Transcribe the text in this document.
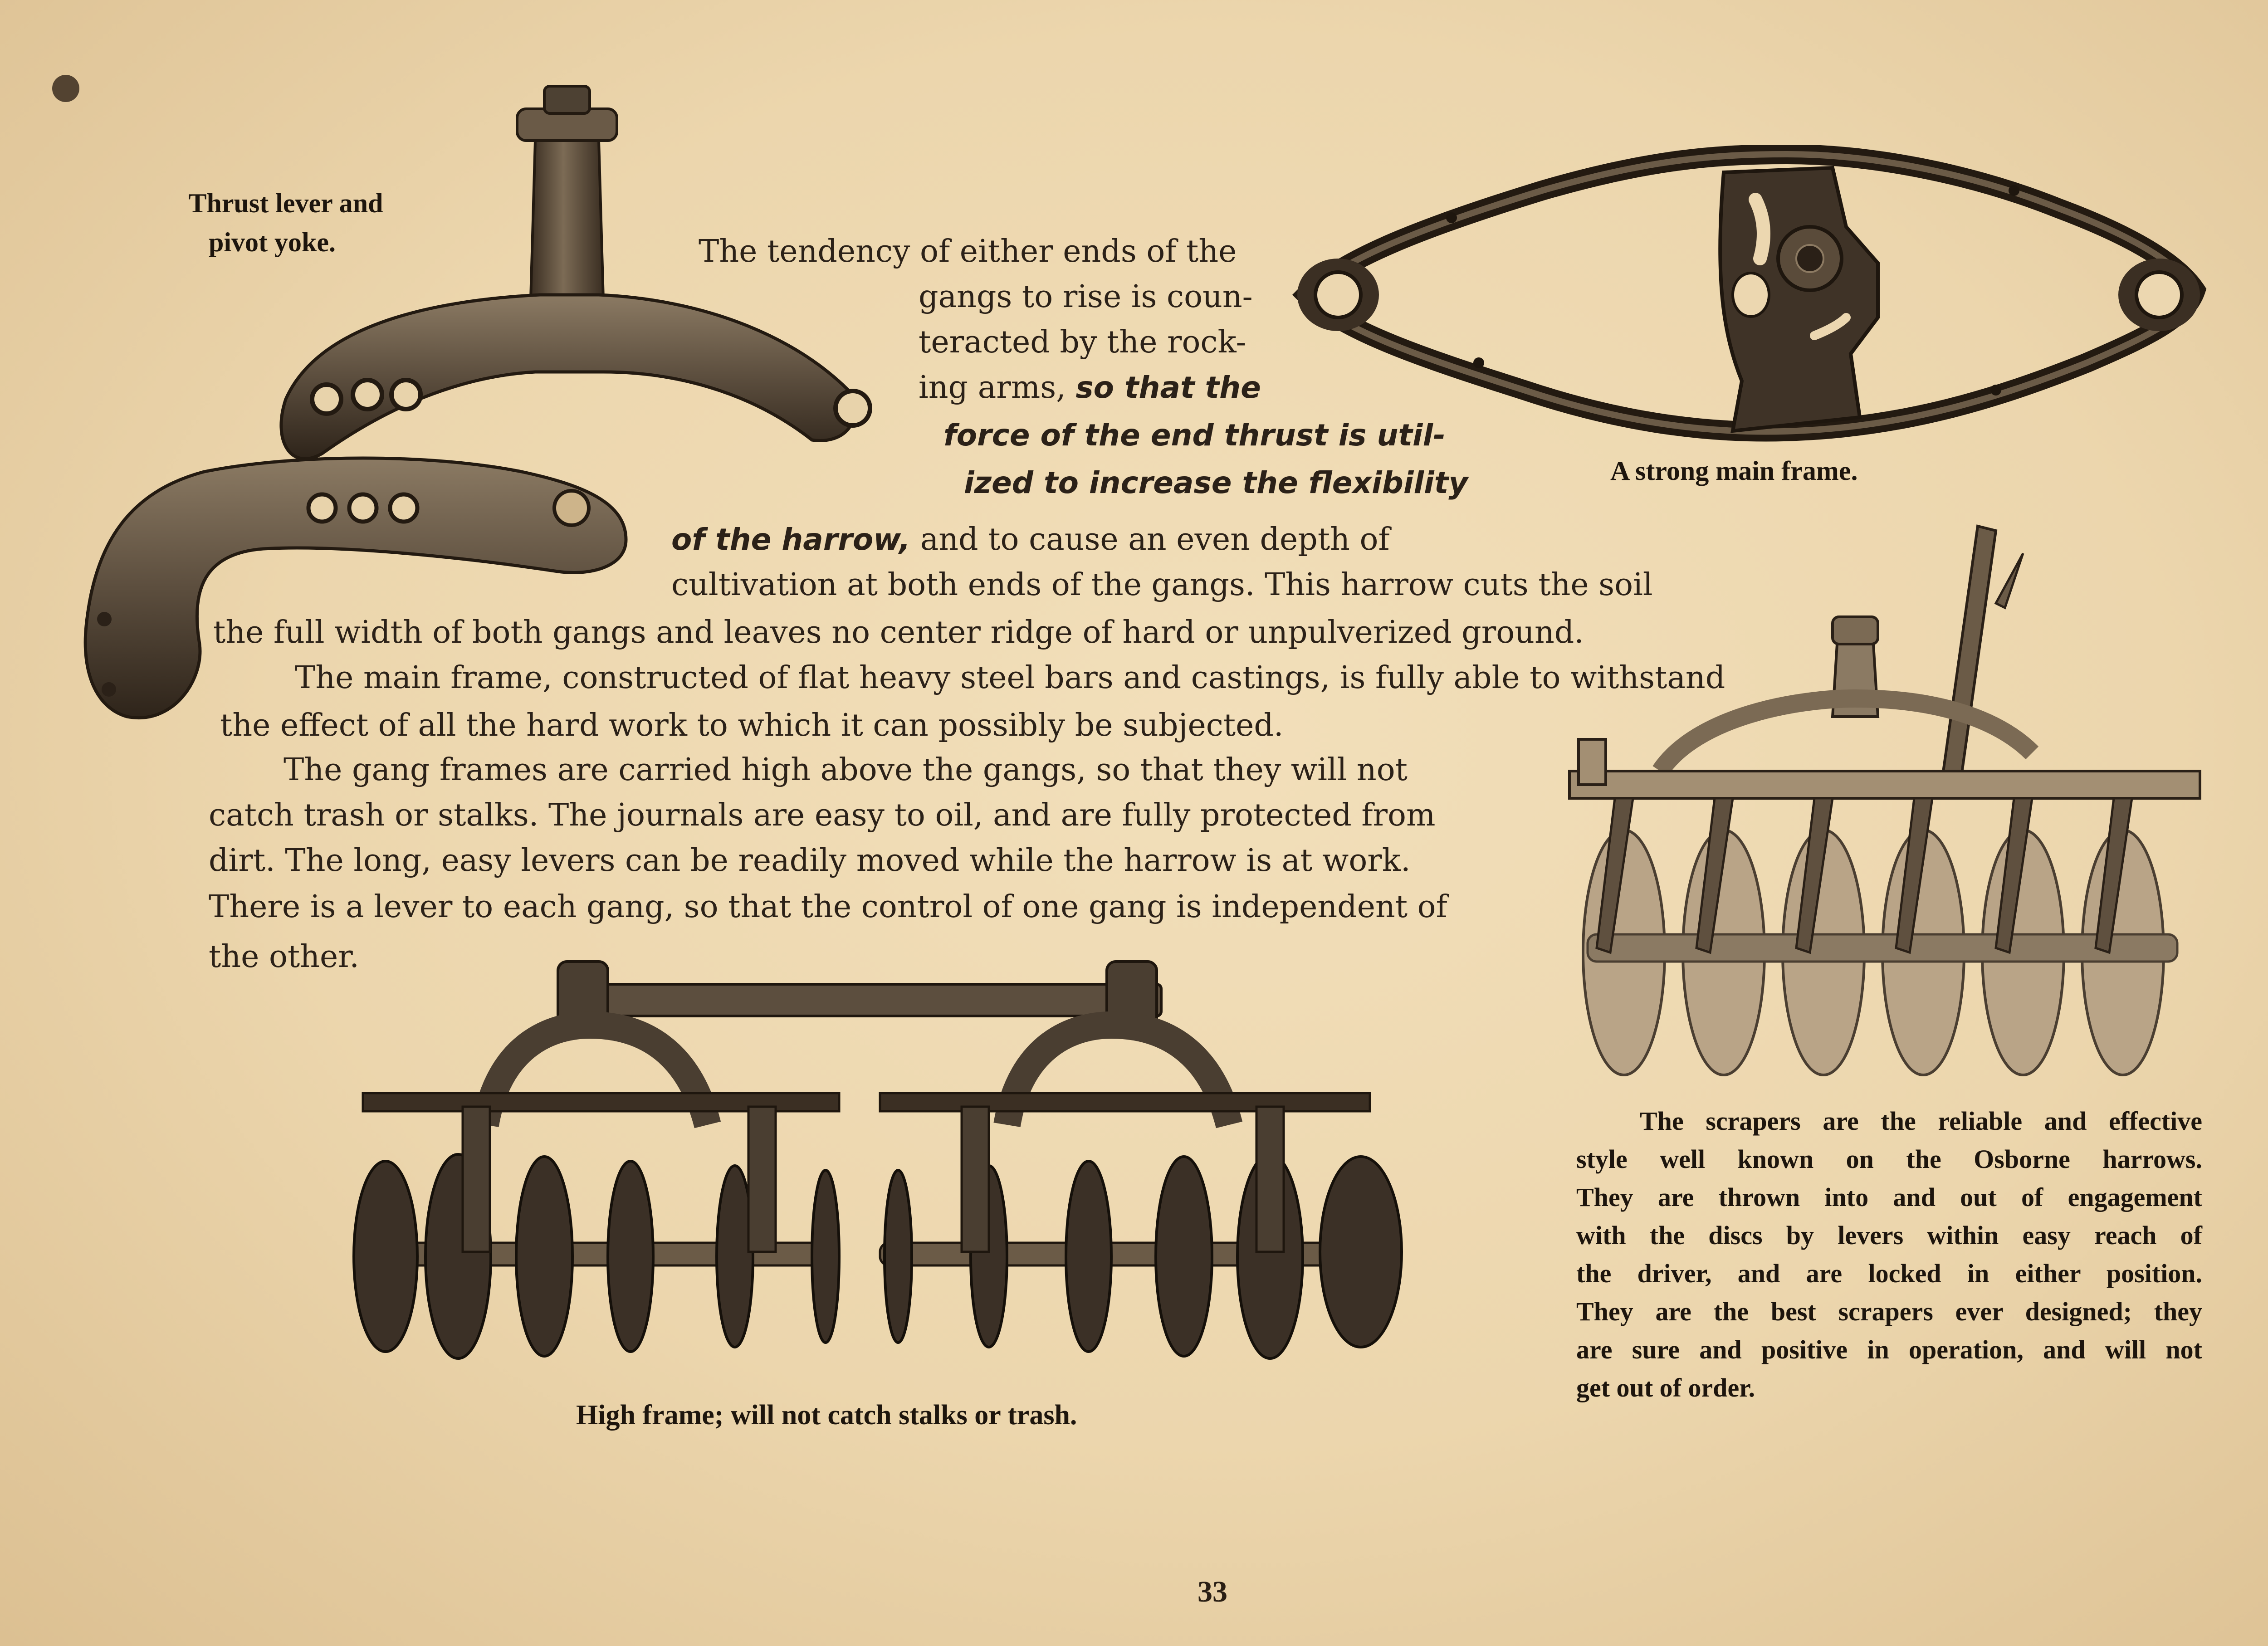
Thrust lever and
pivot yoke.
A strong main frame.
The tendency of either ends of the
gangs to rise is coun-
teracted by the rock-
ing arms, so that the
force of the end thrust is util-
ized to increase the flexibility
of the harrow, and to cause an even depth of
cultivation at both ends of the gangs. This harrow cuts the soil
the full width of both gangs and leaves no center ridge of hard or unpulverized ground.
The main frame, constructed of flat heavy steel bars and castings, is fully able to withstand
the effect of all the hard work to which it can possibly be subjected.
The gang frames are carried high above the gangs, so that they will not
catch trash or stalks. The journals are easy to oil, and are fully protected from
dirt. The long, easy levers can be readily moved while the harrow is at work.
There is a lever to each gang, so that the control of one gang is independent of
the other.
The scrapers are the reliable and effective
style well known on the Osborne harrows.
They are thrown into and out of engagement
with the discs by levers within easy reach of
the driver, and are locked in either position.
They are the best scrapers ever designed; they
are sure and positive in operation, and will not
get out of order.
High frame; will not catch stalks or trash.
33
